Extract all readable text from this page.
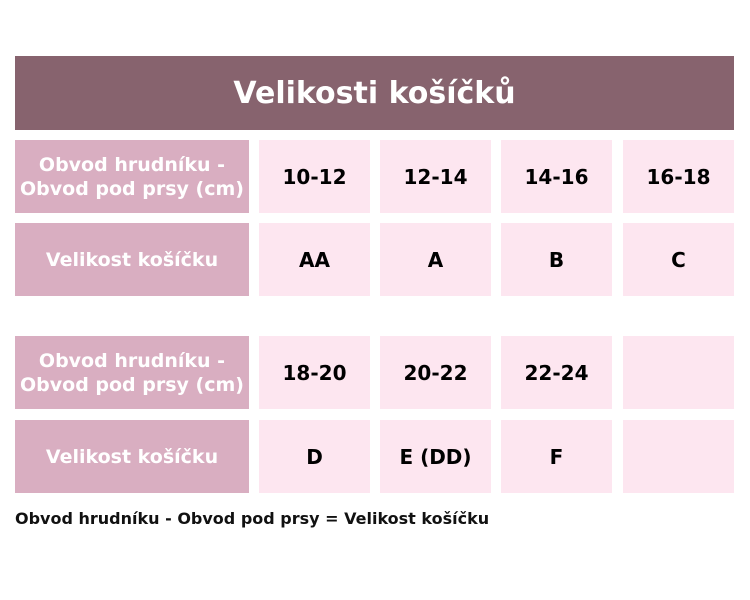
Velikosti košíčků
Obvod hrudníku - Obvod pod prsy (cm)	10-12	12-14	14-16	16-18
Velikost košíčku	AA	A	B	C
Obvod hrudníku - Obvod pod prsy (cm)	18-20	20-22	22-24
Velikost košíčku	D	E (DD)	F
Obvod hrudníku - Obvod pod prsy = Velikost košíčku
